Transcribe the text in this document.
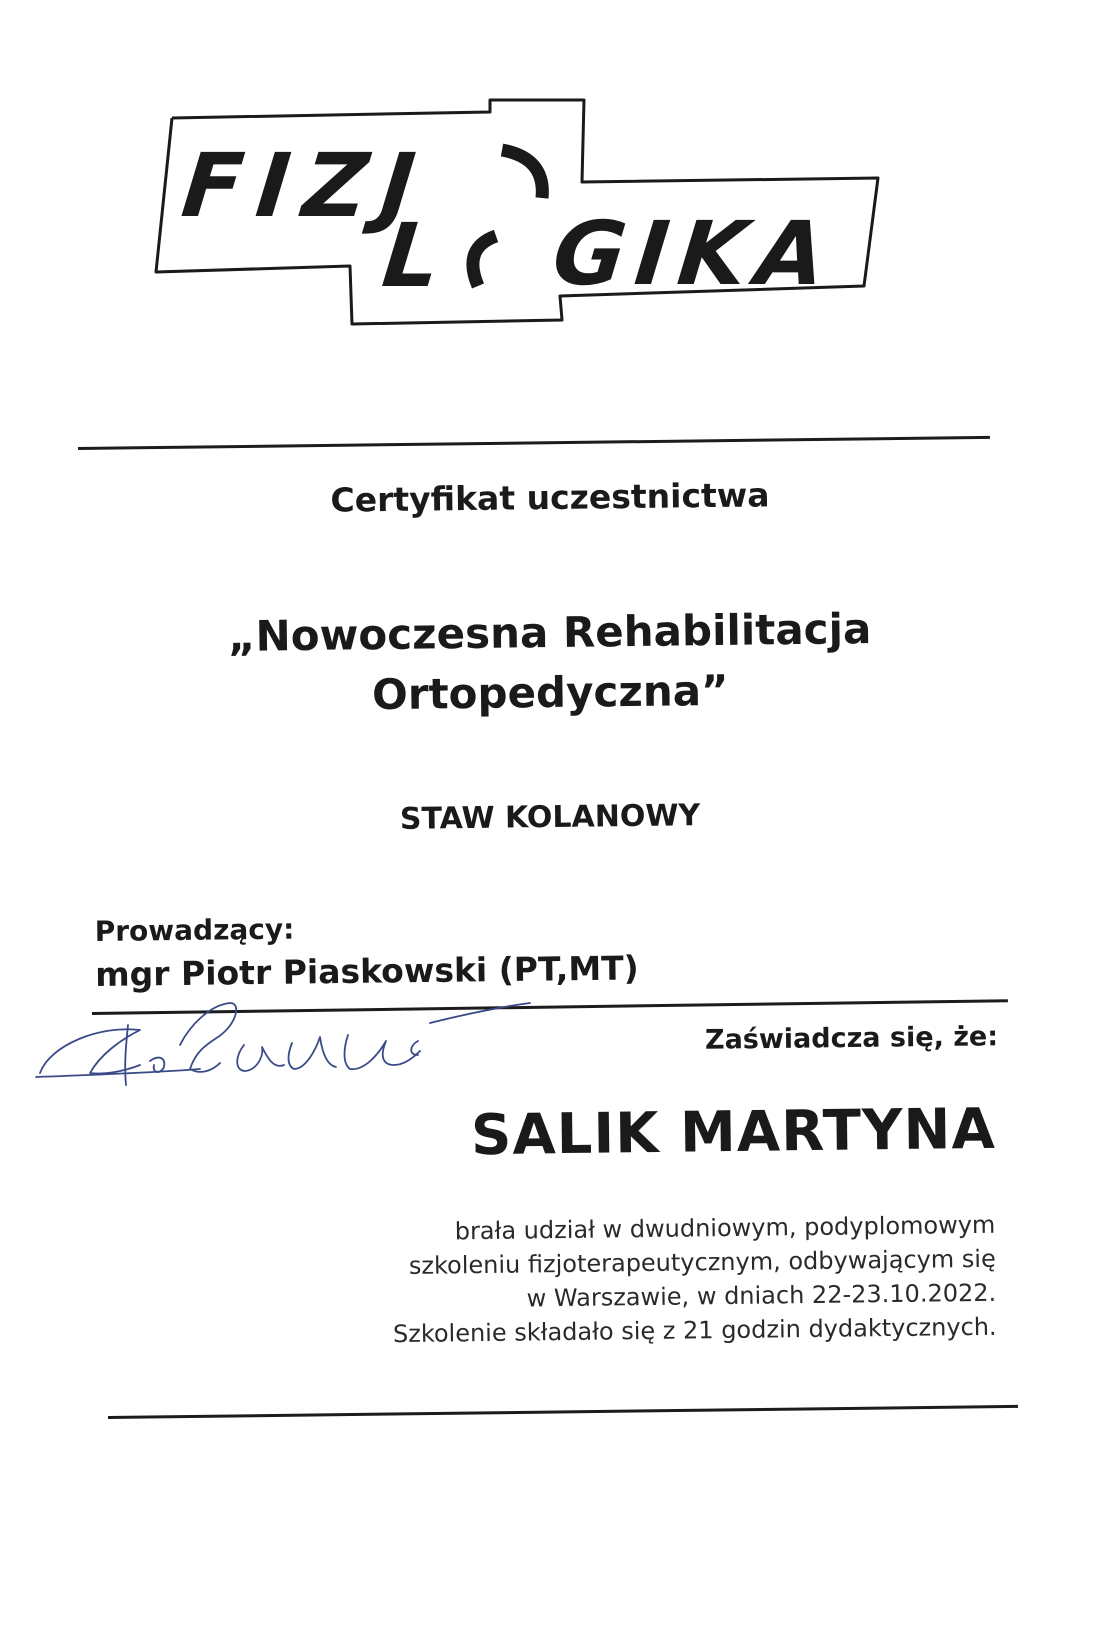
FIZJ
L GIKA
Certyfikat uczestnictwa
„Nowoczesna Rehabilitacja
Ortopedyczna”
STAW KOLANOWY
Prowadzący:
mgr Piotr Piaskowski (PT,MT)
Zaświadcza się, że:
SALIK MARTYNA
brała udział w dwudniowym, podyplomowym
szkoleniu fizjoterapeutycznym, odbywającym się
w Warszawie, w dniach 22-23.10.2022.
Szkolenie składało się z 21 godzin dydaktycznych.
